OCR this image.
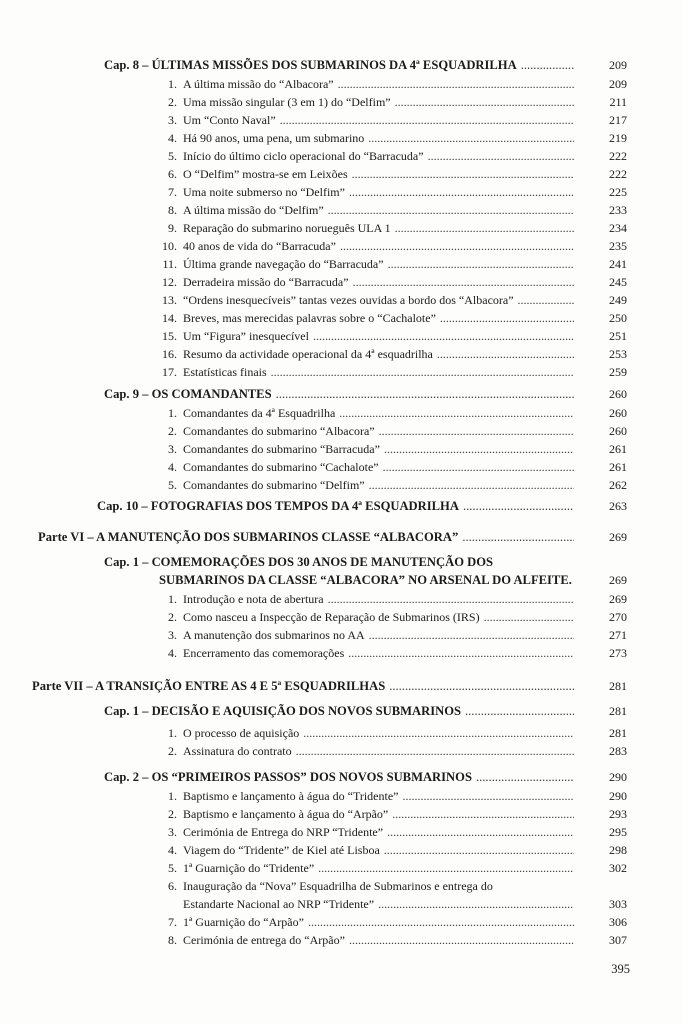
Cap. 8 – ÚLTIMAS MISSÕES DOS SUBMARINOS DA 4ª ESQUADRILHA .....	209
1. A última missão do “Albacora” .....	209
2. Uma missão singular (3 em 1) do “Delfim” .....	211
3. Um “Conto Naval” .....	217
4. Há 90 anos, uma pena, um submarino .....	219
5. Início do último ciclo operacional do “Barracuda” .....	222
6. O “Delfim” mostra-se em Leixões .....	222
7. Uma noite submerso no “Delfim” .....	225
8. A última missão do “Delfim” .....	233
9. Reparação do submarino norueguês ULA 1 .....	234
10. 40 anos de vida do “Barracuda” .....	235
11. Última grande navegação do “Barracuda” .....	241
12. Derradeira missão do “Barracuda” .....	245
13. “Ordens inesquecíveis” tantas vezes ouvidas a bordo dos “Albacora” .....	249
14. Breves, mas merecidas palavras sobre o “Cachalote” .....	250
15. Um “Figura” inesquecível .....	251
16. Resumo da actividade operacional da 4ª esquadrilha .....	253
17. Estatísticas finais .....	259
Cap. 9 – OS COMANDANTES .....	260
1. Comandantes da 4ª Esquadrilha .....	260
2. Comandantes do submarino “Albacora” .....	260
3. Comandantes do submarino “Barracuda” .....	261
4. Comandantes do submarino “Cachalote” .....	261
5. Comandantes do submarino “Delfim” .....	262
Cap. 10 – FOTOGRAFIAS DOS TEMPOS DA 4ª ESQUADRILHA .....	263
Parte VI – A MANUTENÇÃO DOS SUBMARINOS CLASSE “ALBACORA” .....	269
Cap. 1 – COMEMORAÇÕES DOS 30 ANOS DE MANUTENÇÃO DOS
SUBMARINOS DA CLASSE “ALBACORA” NO ARSENAL DO ALFEITE.	269
1. Introdução e nota de abertura .....	269
2. Como nasceu a Inspecção de Reparação de Submarinos (IRS) .....	270
3. A manutenção dos submarinos no AA .....	271
4. Encerramento das comemorações .....	273
Parte VII – A TRANSIÇÃO ENTRE AS 4 E 5ª ESQUADRILHAS .....	281
Cap. 1 – DECISÃO E AQUISIÇÃO DOS NOVOS SUBMARINOS .....	281
1. O processo de aquisição .....	281
2. Assinatura do contrato .....	283
Cap. 2 – OS “PRIMEIROS PASSOS” DOS NOVOS SUBMARINOS .....	290
1. Baptismo e lançamento à água do “Tridente” .....	290
2. Baptismo e lançamento à água do “Arpão” .....	293
3. Cerimónia de Entrega do NRP “Tridente” .....	295
4. Viagem do “Tridente” de Kiel até Lisboa .....	298
5. 1ª Guarnição do “Tridente” .....	302
6. Inauguração da “Nova” Esquadrilha de Submarinos e entrega do
Estandarte Nacional ao NRP “Tridente” .....	303
7. 1ª Guarnição do “Arpão” .....	306
8. Cerimónia de entrega do “Arpão” .....	307
395
